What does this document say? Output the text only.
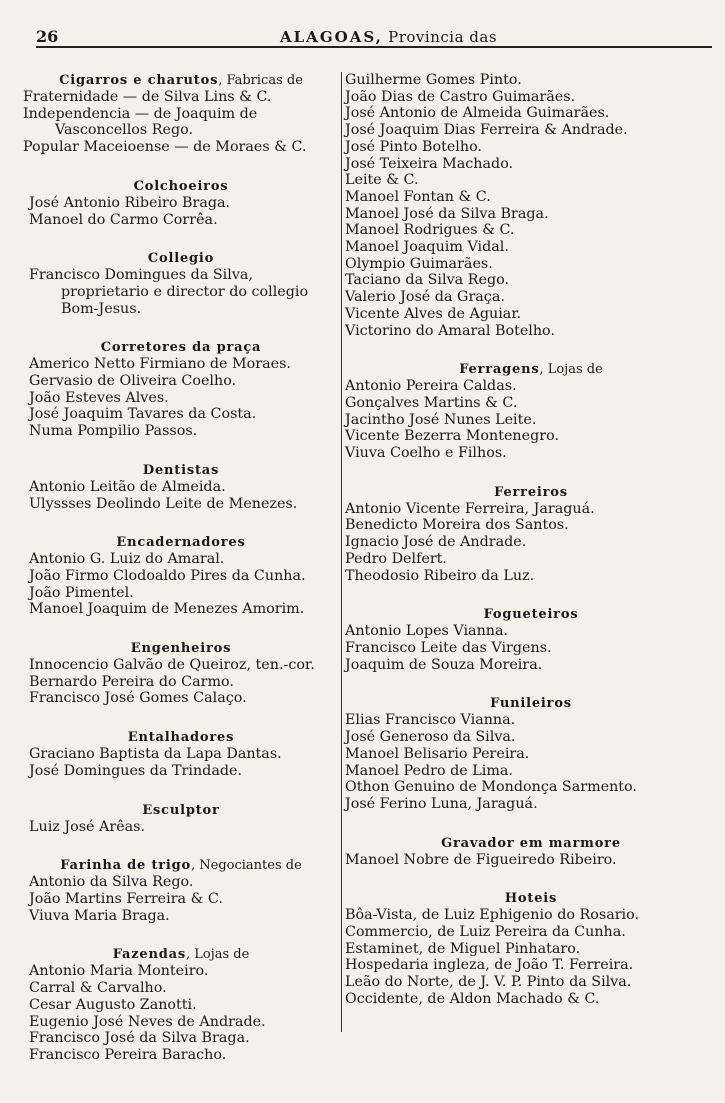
26	ALAGOAS, Provincia das
Cigarros e charutos, Fabricas de
Fraternidade — de Silva Lins & C.
Independencia — de Joaquim de Vasconcellos Rego.
Popular Maceioense — de Moraes & C.
Colchoeiros
José Antonio Ribeiro Braga.
Manoel do Carmo Corrêa.
Collegio
Francisco Domingues da Silva, proprietario e director do collegio Bom-Jesus.
Corretores da praça
Americo Netto Firmiano de Moraes.
Gervasio de Oliveira Coelho.
João Esteves Alves.
José Joaquim Tavares da Costa.
Numa Pompilio Passos.
Dentistas
Antonio Leitão de Almeida.
Ulyssses Deolindo Leite de Menezes.
Encadernadores
Antonio G. Luiz do Amaral.
João Firmo Clodoaldo Pires da Cunha.
João Pimentel.
Manoel Joaquim de Menezes Amorim.
Engenheiros
Innocencio Galvão de Queiroz, ten.-cor.
Bernardo Pereira do Carmo.
Francisco José Gomes Calaço.
Entalhadores
Graciano Baptista da Lapa Dantas.
José Domingues da Trindade.
Esculptor
Luiz José Arêas.
Farinha de trigo, Negociantes de
Antonio da Silva Rego.
João Martins Ferreira & C.
Viuva Maria Braga.
Fazendas, Lojas de
Antonio Maria Monteiro.
Carral & Carvalho.
Cesar Augusto Zanotti.
Eugenio José Neves de Andrade.
Francisco José da Silva Braga.
Francisco Pereira Baracho.
Guilherme Gomes Pinto.
João Dias de Castro Guimarães.
José Antonio de Almeida Guimarães.
José Joaquim Dias Ferreira & Andrade.
José Pinto Botelho.
José Teixeira Machado.
Leite & C.
Manoel Fontan & C.
Manoel José da Silva Braga.
Manoel Rodrigues & C.
Manoel Joaquim Vidal.
Olympio Guimarães.
Taciano da Silva Rego.
Valerio José da Graça.
Vicente Alves de Aguiar.
Victorino do Amaral Botelho.
Ferragens, Lojas de
Antonio Pereira Caldas.
Gonçalves Martins & C.
Jacintho José Nunes Leite.
Vicente Bezerra Montenegro.
Viuva Coelho e Filhos.
Ferreiros
Antonio Vicente Ferreira, Jaraguá.
Benedicto Moreira dos Santos.
Ignacio José de Andrade.
Pedro Delfert.
Theodosio Ribeiro da Luz.
Fogueteiros
Antonio Lopes Vianna.
Francisco Leite das Virgens.
Joaquim de Souza Moreira.
Funileiros
Elias Francisco Vianna.
José Generoso da Silva.
Manoel Belisario Pereira.
Manoel Pedro de Lima.
Othon Genuino de Mondonça Sarmento.
José Ferino Luna, Jaraguá.
Gravador em marmore
Manoel Nobre de Figueiredo Ribeiro.
Hoteis
Bôa-Vista, de Luiz Ephigenio do Rosario.
Commercio, de Luiz Pereira da Cunha.
Estaminet, de Miguel Pinhataro.
Hospedaria ingleza, de João T. Ferreira.
Leão do Norte, de J. V. P. Pinto da Silva.
Occidente, de Aldon Machado & C.
